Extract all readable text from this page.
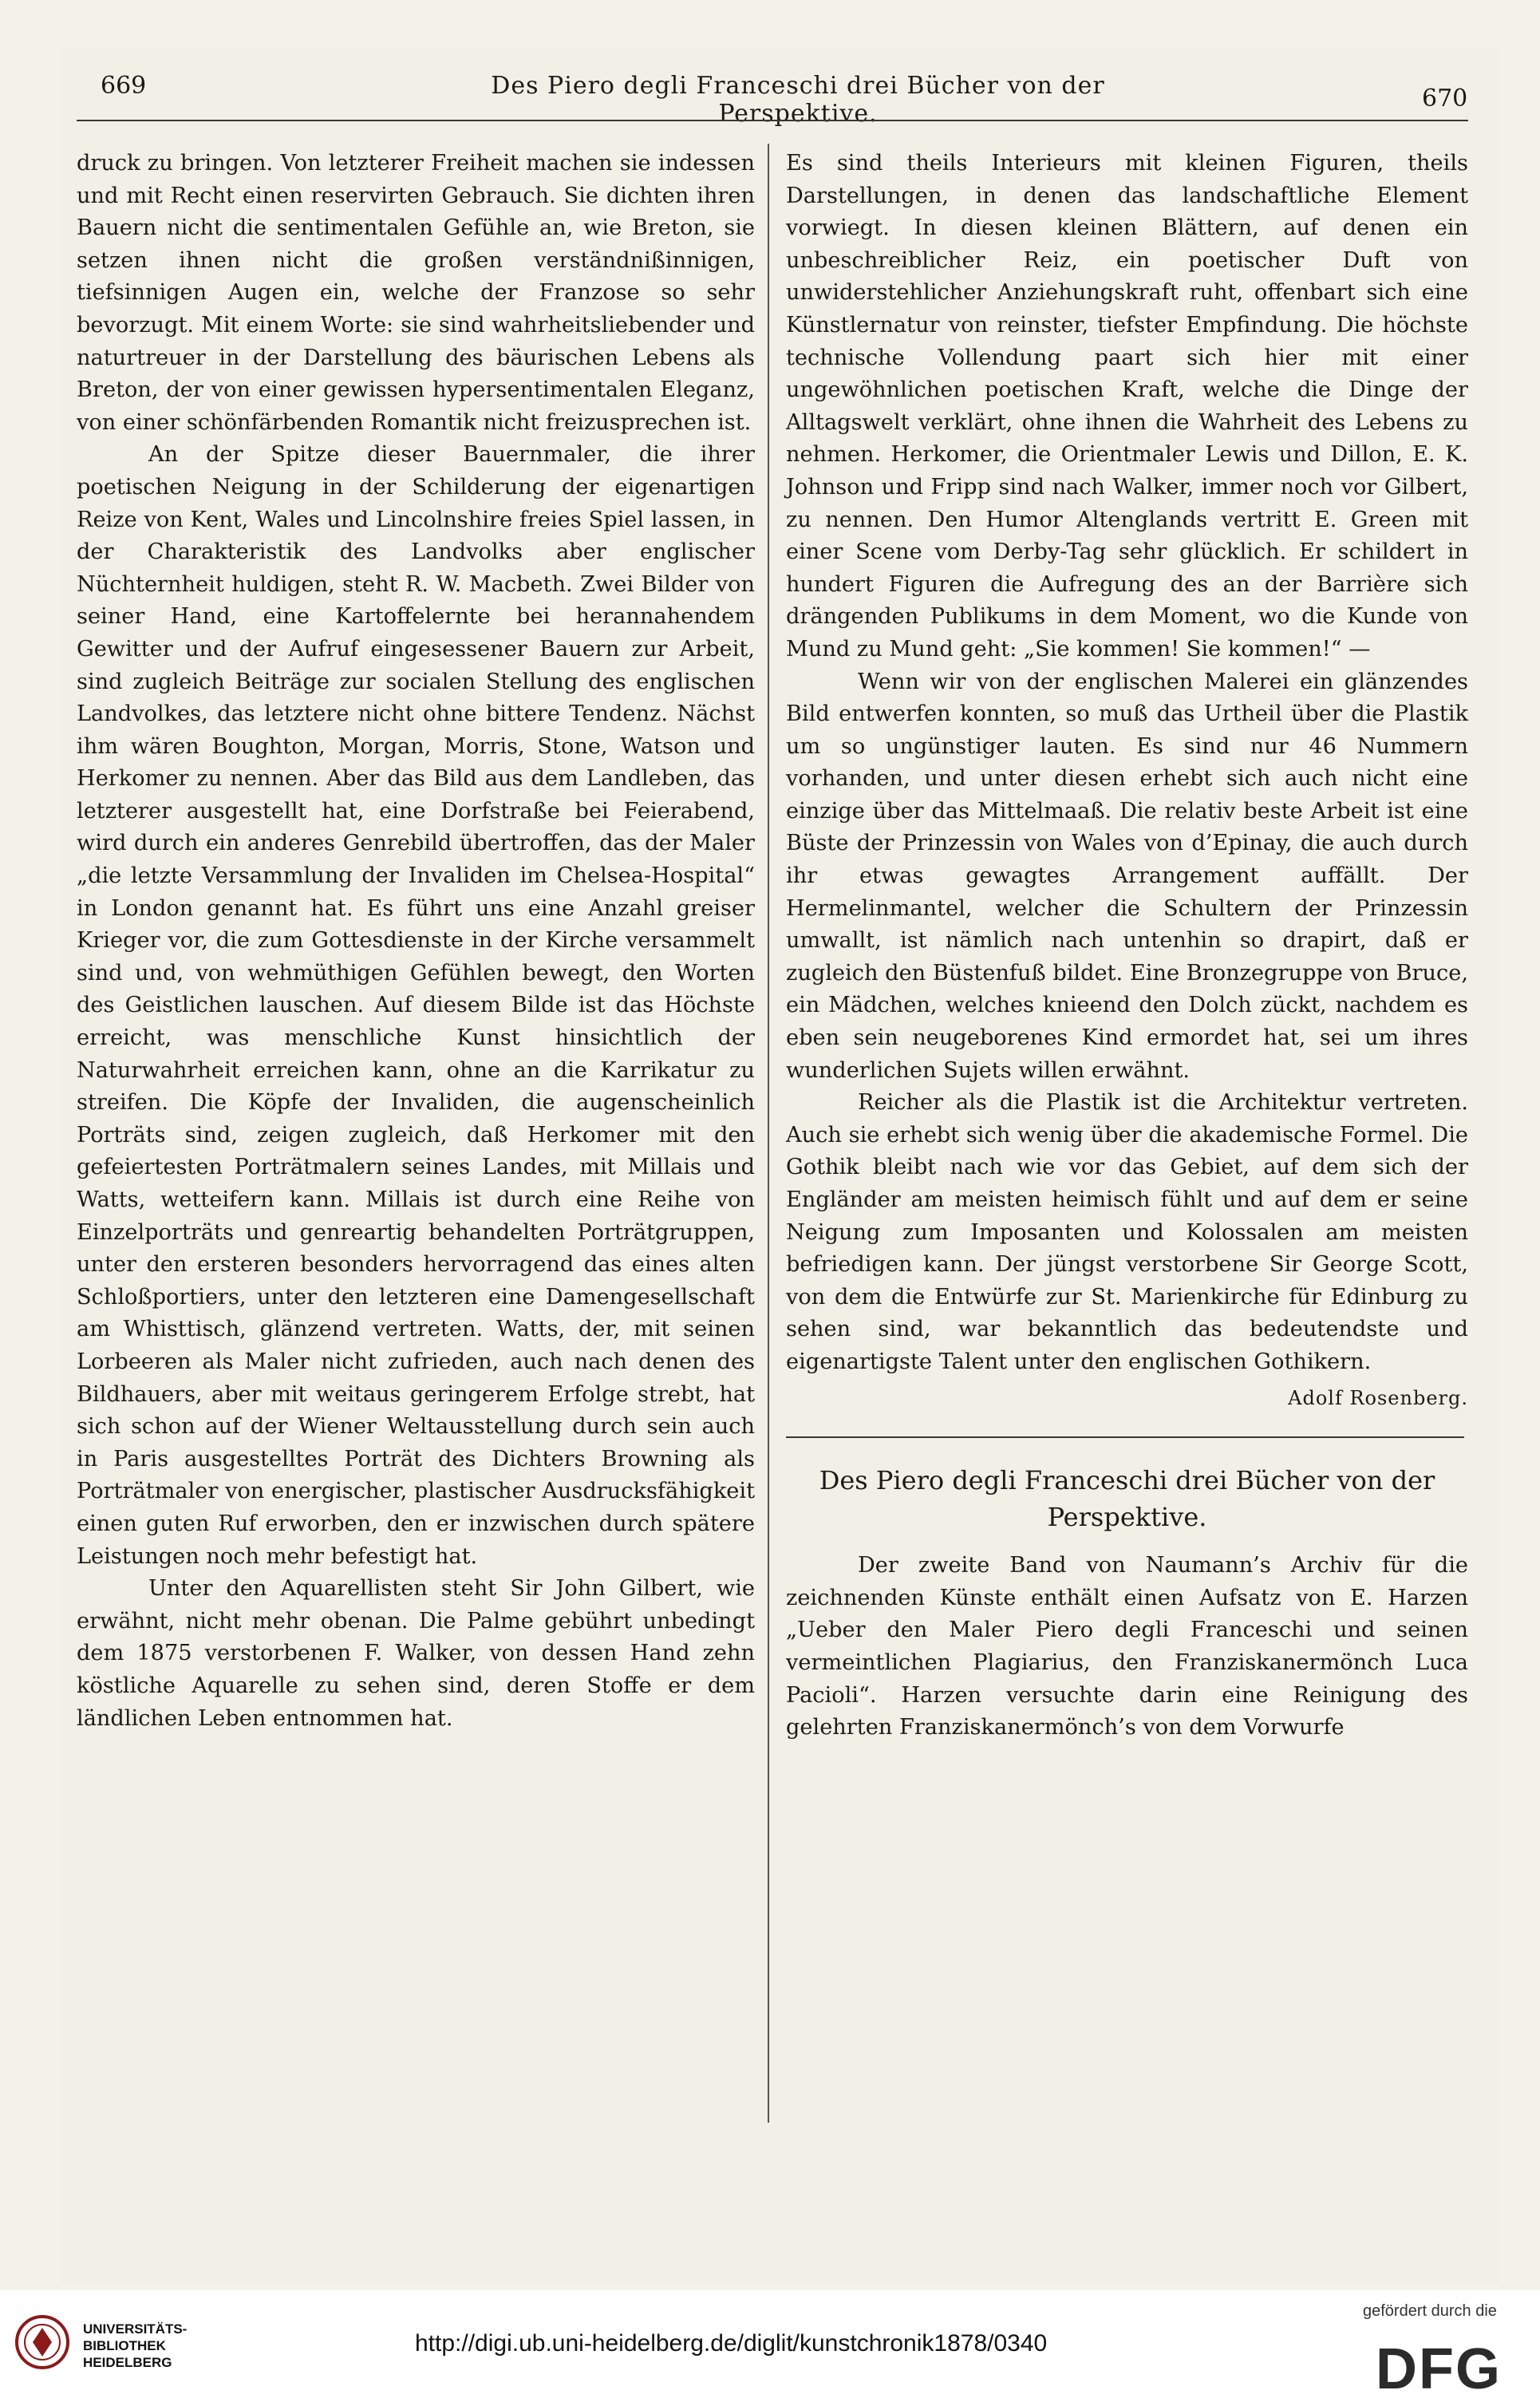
669	Des Piero degli Franceschi drei Bücher von der Perspektive.
670

druck zu bringen. Von letzterer Freiheit machen sie indessen und mit Recht einen reservirten Gebrauch. Sie dichten ihren Bauern nicht die sentimentalen Gefühle an, wie Breton, sie setzen ihnen nicht die großen verständnißinnigen, tiefsinnigen Augen ein, welche der Franzose so sehr bevorzugt. Mit einem Worte: sie sind wahrheitsliebender und naturtreuer in der Darstellung des bäurischen Lebens als Breton, der von einer gewissen hypersentimentalen Eleganz, von einer schönfärbenden Romantik nicht freizusprechen ist.

An der Spitze dieser Bauernmaler, die ihrer poetischen Neigung in der Schilderung der eigenartigen Reize von Kent, Wales und Lincolnshire freies Spiel lassen, in der Charakteristik des Landvolks aber englischer Nüchternheit huldigen, steht R. W. Macbeth. Zwei Bilder von seiner Hand, eine Kartoffelernte bei herannahendem Gewitter und der Aufruf eingesessener Bauern zur Arbeit, sind zugleich Beiträge zur socialen Stellung des englischen Landvolkes, das letztere nicht ohne bittere Tendenz. Nächst ihm wären Boughton, Morgan, Morris, Stone, Watson und Herkomer zu nennen. Aber das Bild aus dem Landleben, das letzterer ausgestellt hat, eine Dorfstraße bei Feierabend, wird durch ein anderes Genrebild übertroffen, das der Maler „die letzte Versammlung der Invaliden im Chelsea-Hospital“ in London genannt hat. Es führt uns eine Anzahl greiser Krieger vor, die zum Gottesdienste in der Kirche versammelt sind und, von wehmüthigen Gefühlen bewegt, den Worten des Geistlichen lauschen. Auf diesem Bilde ist das Höchste erreicht, was menschliche Kunst hinsichtlich der Naturwahrheit erreichen kann, ohne an die Karrikatur zu streifen. Die Köpfe der Invaliden, die augenscheinlich Porträts sind, zeigen zugleich, daß Herkomer mit den gefeiertesten Porträtmalern seines Landes, mit Millais und Watts, wetteifern kann. Millais ist durch eine Reihe von Einzelporträts und genreartig behandelten Porträtgruppen, unter den ersteren besonders hervorragend das eines alten Schloßportiers, unter den letzteren eine Damengesellschaft am Whisttisch, glänzend vertreten. Watts, der, mit seinen Lorbeeren als Maler nicht zufrieden, auch nach denen des Bildhauers, aber mit weitaus geringerem Erfolge strebt, hat sich schon auf der Wiener Weltausstellung durch sein auch in Paris ausgestelltes Porträt des Dichters Browning als Porträtmaler von energischer, plastischer Ausdrucksfähigkeit einen guten Ruf erworben, den er inzwischen durch spätere Leistungen noch mehr befestigt hat.

Unter den Aquarellisten steht Sir John Gilbert, wie erwähnt, nicht mehr obenan. Die Palme gebührt unbedingt dem 1875 verstorbenen F. Walker, von dessen Hand zehn köstliche Aquarelle zu sehen sind, deren Stoffe er dem ländlichen Leben entnommen hat.

Es sind theils Interieurs mit kleinen Figuren, theils Darstellungen, in denen das landschaftliche Element vorwiegt. In diesen kleinen Blättern, auf denen ein unbeschreiblicher Reiz, ein poetischer Duft von unwiderstehlicher Anziehungskraft ruht, offenbart sich eine Künstlernatur von reinster, tiefster Empfindung. Die höchste technische Vollendung paart sich hier mit einer ungewöhnlichen poetischen Kraft, welche die Dinge der Alltagswelt verklärt, ohne ihnen die Wahrheit des Lebens zu nehmen. Herkomer, die Orientmaler Lewis und Dillon, E. K. Johnson und Fripp sind nach Walker, immer noch vor Gilbert, zu nennen. Den Humor Altenglands vertritt E. Green mit einer Scene vom Derby-Tag sehr glücklich. Er schildert in hundert Figuren die Aufregung des an der Barrière sich drängenden Publikums in dem Moment, wo die Kunde von Mund zu Mund geht: „Sie kommen! Sie kommen!“ —

Wenn wir von der englischen Malerei ein glänzendes Bild entwerfen konnten, so muß das Urtheil über die Plastik um so ungünstiger lauten. Es sind nur 46 Nummern vorhanden, und unter diesen erhebt sich auch nicht eine einzige über das Mittelmaaß. Die relativ beste Arbeit ist eine Büste der Prinzessin von Wales von d’Epinay, die auch durch ihr etwas gewagtes Arrangement auffällt. Der Hermelinmantel, welcher die Schultern der Prinzessin umwallt, ist nämlich nach untenhin so drapirt, daß er zugleich den Büstenfuß bildet. Eine Bronzegruppe von Bruce, ein Mädchen, welches knieend den Dolch zückt, nachdem es eben sein neugeborenes Kind ermordet hat, sei um ihres wunderlichen Sujets willen erwähnt.

Reicher als die Plastik ist die Architektur vertreten. Auch sie erhebt sich wenig über die akademische Formel. Die Gothik bleibt nach wie vor das Gebiet, auf dem sich der Engländer am meisten heimisch fühlt und auf dem er seine Neigung zum Imposanten und Kolossalen am meisten befriedigen kann. Der jüngst verstorbene Sir George Scott, von dem die Entwürfe zur St. Marienkirche für Edinburg zu sehen sind, war bekanntlich das bedeutendste und eigenartigste Talent unter den englischen Gothikern.

Adolf Rosenberg.

Des Piero degli Franceschi drei Bücher von der Perspektive.

Der zweite Band von Naumann’s Archiv für die zeichnenden Künste enthält einen Aufsatz von E. Harzen „Ueber den Maler Piero degli Franceschi und seinen vermeintlichen Plagiarius, den Franziskanermönch Luca Pacioli“. Harzen versuchte darin eine Reinigung des gelehrten Franziskanermönch’s von dem Vorwurfe

UNIVERSITÄTS-
BIBLIOTHEK
HEIDELBERG
http://digi.ub.uni-heidelberg.de/diglit/kunstchronik1878/0340
gefördert durch die
DFG
